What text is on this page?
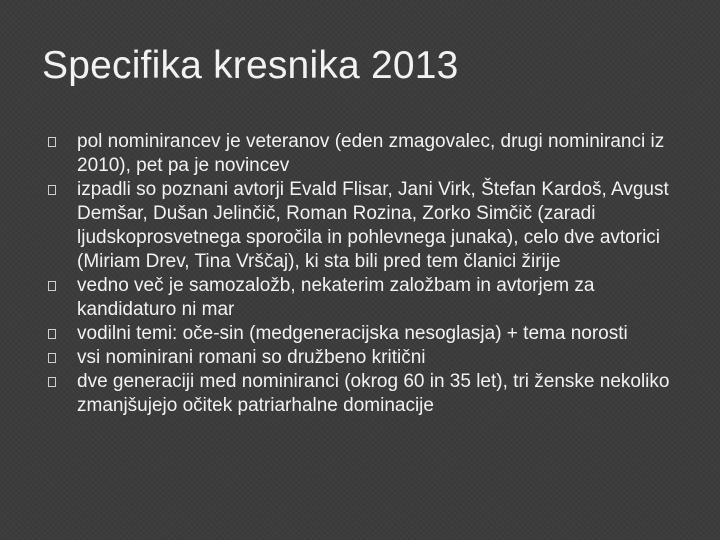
Specifika kresnika 2013
pol nominirancev je veteranov (eden zmagovalec, drugi nominiranci iz 2010), pet pa je novincev
izpadli so poznani avtorji Evald Flisar, Jani Virk, Štefan Kardoš, Avgust Demšar, Dušan Jelinčič, Roman Rozina, Zorko Simčič (zaradi ljudskoprosvetnega sporočila in pohlevnega junaka), celo dve avtorici (Miriam Drev, Tina Vrščaj), ki sta bili pred tem članici žirije
vedno več je samozaložb, nekaterim založbam in avtorjem za kandidaturo ni mar
vodilni temi: oče-sin (medgeneracijska nesoglasja) + tema norosti
vsi nominirani romani so družbeno kritični
dve generaciji med nominiranci (okrog 60 in 35 let), tri ženske nekoliko zmanjšujejo očitek patriarhalne dominacije
